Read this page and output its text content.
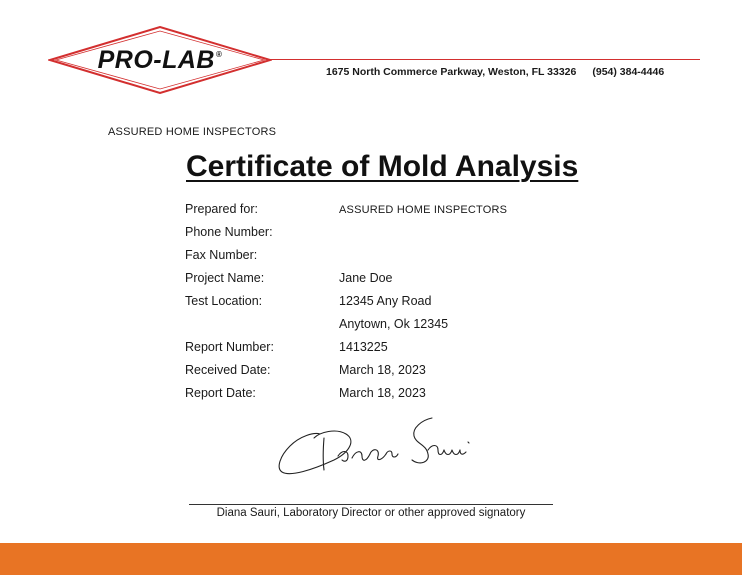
PRO-LAB ®
1675 North Commerce Parkway, Weston, FL 33326 (954) 384-4446
ASSURED HOME INSPECTORS
Certificate of Mold Analysis
Prepared for:	ASSURED HOME INSPECTORS
Phone Number:
Fax Number:
Project Name:	Jane Doe
Test Location:	12345 Any Road
Anytown, Ok 12345
Report Number:	1413225
Received Date:	March 18, 2023
Report Date:	March 18, 2023
Diana Sauri, Laboratory Director or other approved signatory
